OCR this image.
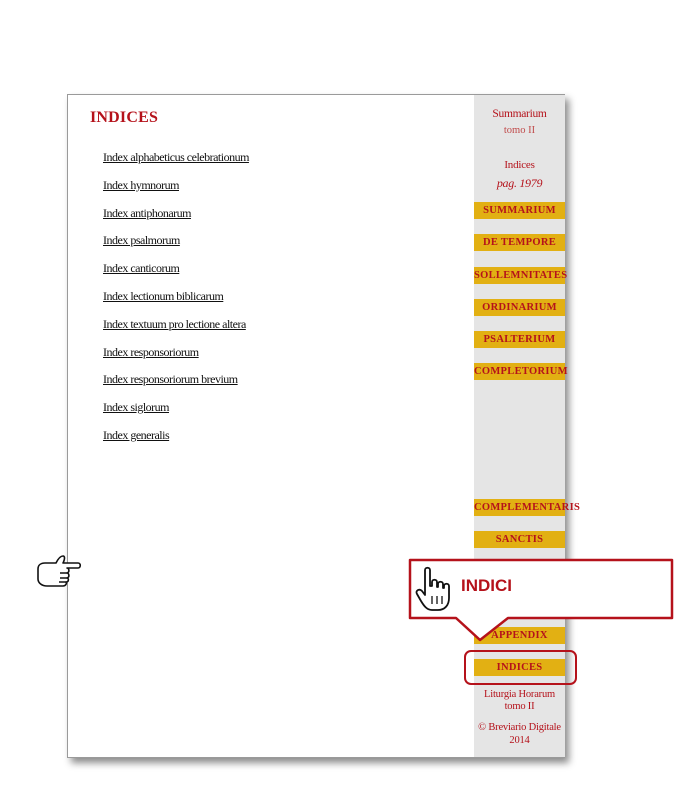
INDICES
Index alphabeticus celebrationum
Index hymnorum
Index antiphonarum
Index psalmorum
Index canticorum
Index lectionum biblicarum
Index textuum pro lectione altera
Index responsoriorum
Index responsoriorum brevium
Index siglorum
Index generalis
Summarium
tomo II
Indices
pag. 1979
SUMMARIUM
DE TEMPORE
SOLLEMNITATES
ORDINARIUM
PSALTERIUM
COMPLETORIUM
COMPLEMENTARIS
SANCTIS
APPENDIX
INDICES
Liturgia Horarum
tomo II
© Breviario Digitale
2014
INDICI
